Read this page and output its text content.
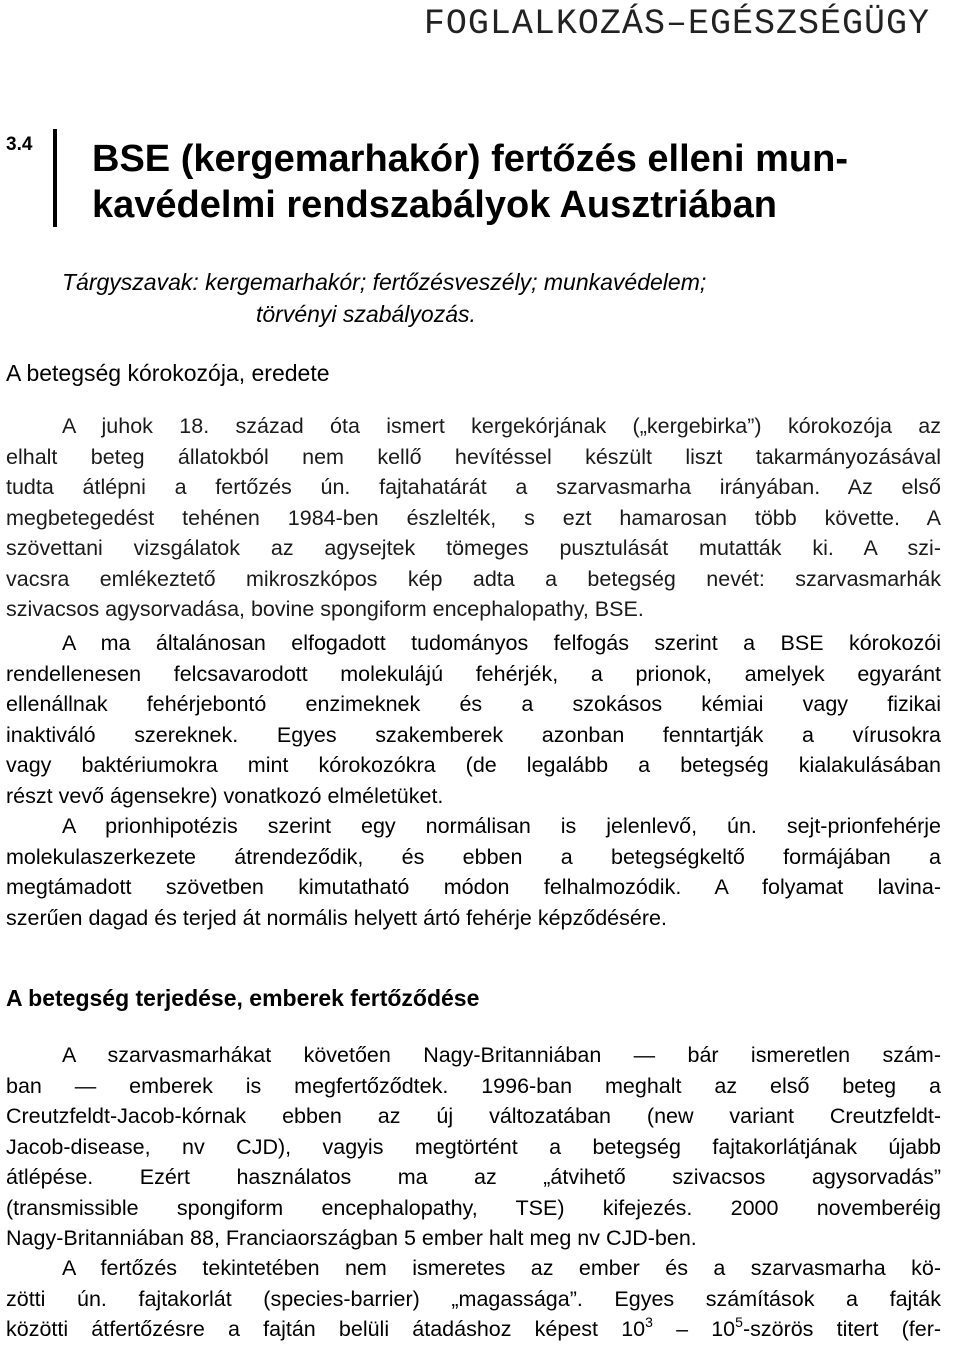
FOGLALKOZÁS–EGÉSZSÉGÜGY
3.4 BSE (kergemarhakór) fertőzés elleni mun-
kavédelmi rendszabályok Ausztriában
Tárgyszavak: kergemarhakór; fertőzésveszély; munkavédelem;
törvényi szabályozás.
A betegség kórokozója, eredete
A juhok 18. század óta ismert kergekórjának („kergebirka”) kórokozója az
elhalt beteg állatokból nem kellő hevítéssel készült liszt takarmányozásával
tudta átlépni a fertőzés ún. fajtahatárát a szarvasmarha irányában. Az első
megbetegedést tehénen 1984-ben észlelték, s ezt hamarosan több követte. A
szövettani vizsgálatok az agysejtek tömeges pusztulását mutatták ki. A szi-
vacsra emlékeztető mikroszkópos kép adta a betegség nevét: szarvasmarhák
szivacsos agysorvadása, bovine spongiform encephalopathy, BSE.
A ma általánosan elfogadott tudományos felfogás szerint a BSE kórokozói
rendellenesen felcsavarodott molekulájú fehérjék, a prionok, amelyek egyaránt
ellenállnak fehérjebontó enzimeknek és a szokásos kémiai vagy fizikai
inaktiváló szereknek. Egyes szakemberek azonban fenntartják a vírusokra
vagy baktériumokra mint kórokozókra (de legalább a betegség kialakulásában
részt vevő ágensekre) vonatkozó elméletüket.
A prionhipotézis szerint egy normálisan is jelenlevő, ún. sejt-prionfehérje
molekulaszerkezete átrendeződik, és ebben a betegségkeltő formájában a
megtámadott szövetben kimutatható módon felhalmozódik. A folyamat lavina-
szerűen dagad és terjed át normális helyett ártó fehérje képződésére.
A betegség terjedése, emberek fertőződése
A szarvasmarhákat követően Nagy-Britanniában — bár ismeretlen szám-
ban — emberek is megfertőződtek. 1996-ban meghalt az első beteg a
Creutzfeldt-Jacob-kórnak ebben az új változatában (new variant Creutzfeldt-
Jacob-disease, nv CJD), vagyis megtörtént a betegség fajtakorlátjának újabb
átlépése. Ezért használatos ma az „átvihető szivacsos agysorvadás”
(transmissible spongiform encephalopathy, TSE) kifejezés. 2000 novemberéig
Nagy-Britanniában 88, Franciaországban 5 ember halt meg nv CJD-ben.
A fertőzés tekintetében nem ismeretes az ember és a szarvasmarha kö-
zötti ún. fajtakorlát (species-barrier) „magassága”. Egyes számítások a fajták
közötti átfertőzésre a fajtán belüli átadáshoz képest $10^3$ – $10^5$-szörös titert (fer-
